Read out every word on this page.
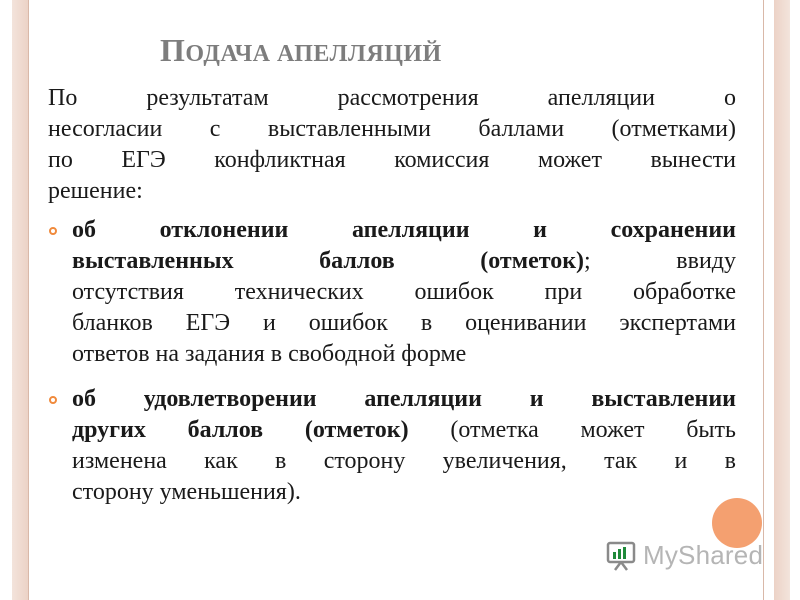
ПОДАЧА АПЕЛЛЯЦИЙ
По результатам рассмотрения апелляции о
несогласии с выставленными баллами (отметками)
по ЕГЭ конфликтная комиссия может вынести
решение:
об отклонении апелляции и сохранении
выставленных баллов (отметок); ввиду
отсутствия технических ошибок при обработке
бланков ЕГЭ и ошибок в оценивании экспертами
ответов на задания в свободной форме
об удовлетворении апелляции и выставлении
других баллов (отметок) (отметка может быть
изменена как в сторону увеличения, так и в
сторону уменьшения).
MyShared
